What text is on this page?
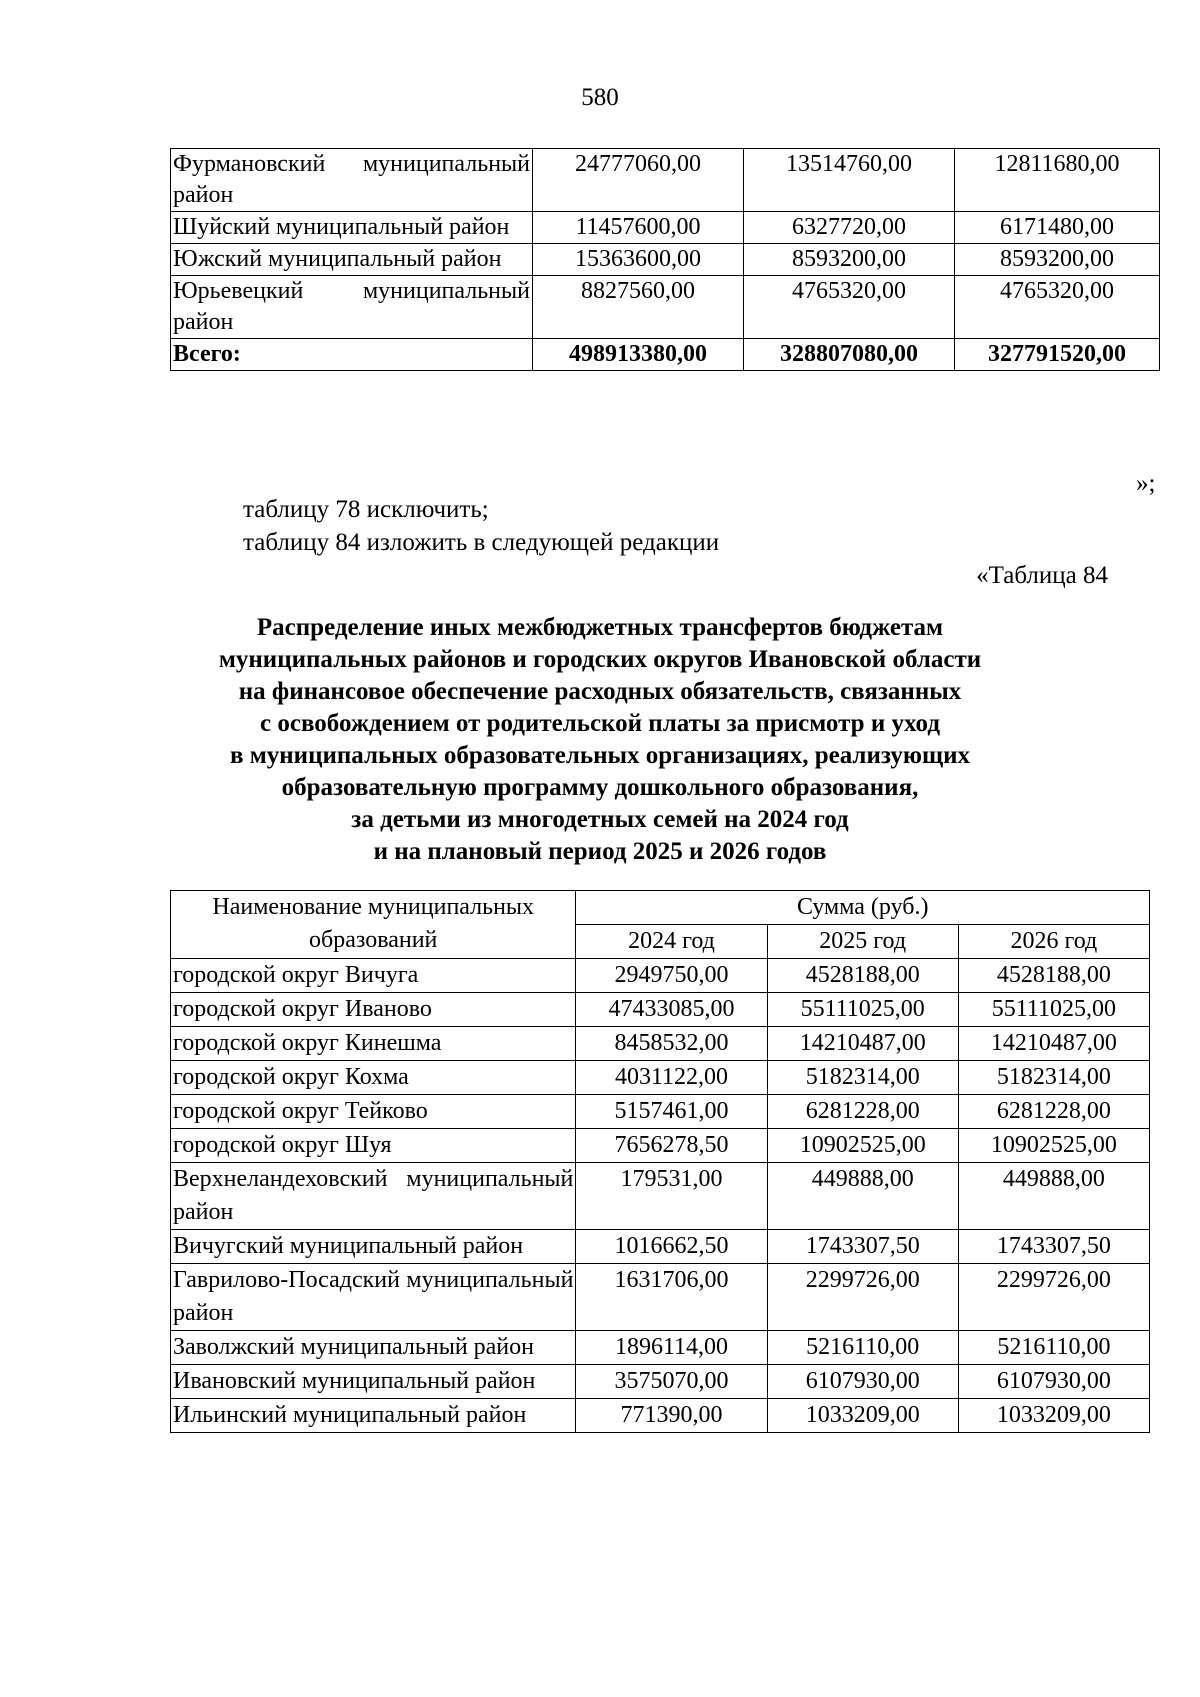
580
Фурмановский муниципальный район	24777060,00	13514760,00	12811680,00
Шуйский муниципальный район	11457600,00	6327720,00	6171480,00
Южский муниципальный район	15363600,00	8593200,00	8593200,00
Юрьевецкий муниципальный район	8827560,00	4765320,00	4765320,00
Всего:	498913380,00	328807080,00	327791520,00
»;
таблицу 78 исключить;
таблицу 84 изложить в следующей редакции
«Таблица 84
Распределение иных межбюджетных трансфертов бюджетам
муниципальных районов и городских округов Ивановской области
на финансовое обеспечение расходных обязательств, связанных
с освобождением от родительской платы за присмотр и уход
в муниципальных образовательных организациях, реализующих
образовательную программу дошкольного образования,
за детьми из многодетных семей на 2024 год
и на плановый период 2025 и 2026 годов
Наименование муниципальных образований	Сумма (руб.)		
	2024 год	2025 год	2026 год
городской округ Вичуга	2949750,00	4528188,00	4528188,00
городской округ Иваново	47433085,00	55111025,00	55111025,00
городской округ Кинешма	8458532,00	14210487,00	14210487,00
городской округ Кохма	4031122,00	5182314,00	5182314,00
городской округ Тейково	5157461,00	6281228,00	6281228,00
городской округ Шуя	7656278,50	10902525,00	10902525,00
Верхнеландеховский муниципальный район	179531,00	449888,00	449888,00
Вичугский муниципальный район	1016662,50	1743307,50	1743307,50
Гаврилово-Посадский муниципальный район	1631706,00	2299726,00	2299726,00
Заволжский муниципальный район	1896114,00	5216110,00	5216110,00
Ивановский муниципальный район	3575070,00	6107930,00	6107930,00
Ильинский муниципальный район	771390,00	1033209,00	1033209,00
